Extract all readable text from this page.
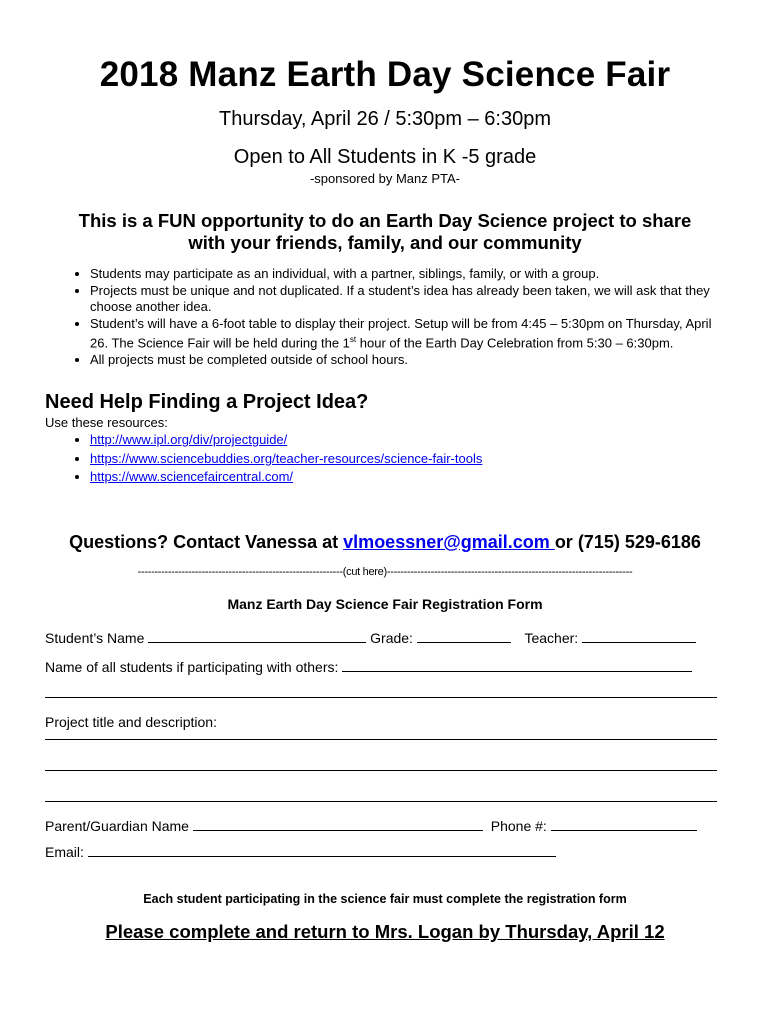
2018 Manz Earth Day Science Fair
Thursday, April 26 / 5:30pm – 6:30pm
Open to All Students in K -5 grade
-sponsored by Manz PTA-
This is a FUN opportunity to do an Earth Day Science project to share
with your friends, family, and our community
• Students may participate as an individual, with a partner, siblings, family, or with a group.
• Projects must be unique and not duplicated. If a student’s idea has already been taken, we will ask that they choose another idea.
• Student’s will have a 6-foot table to display their project. Setup will be from 4:45 – 5:30pm on Thursday, April 26. The Science Fair will be held during the 1st hour of the Earth Day Celebration from 5:30 – 6:30pm.
• All projects must be completed outside of school hours.
Need Help Finding a Project Idea?
Use these resources:
• http://www.ipl.org/div/projectguide/
• https://www.sciencebuddies.org/teacher-resources/science-fair-tools
• https://www.sciencefaircentral.com/
Questions? Contact Vanessa at vlmoessner@gmail.com or (715) 529-6186
-------------------------------------------------------------(cut here)-------------------------------------------------------------------------
Manz Earth Day Science Fair Registration Form
Student’s Name	Grade:	Teacher:
Name of all students if participating with others:
Project title and description:
Parent/Guardian Name	Phone #:
Email:
Each student participating in the science fair must complete the registration form
Please complete and return to Mrs. Logan by Thursday, April 12
